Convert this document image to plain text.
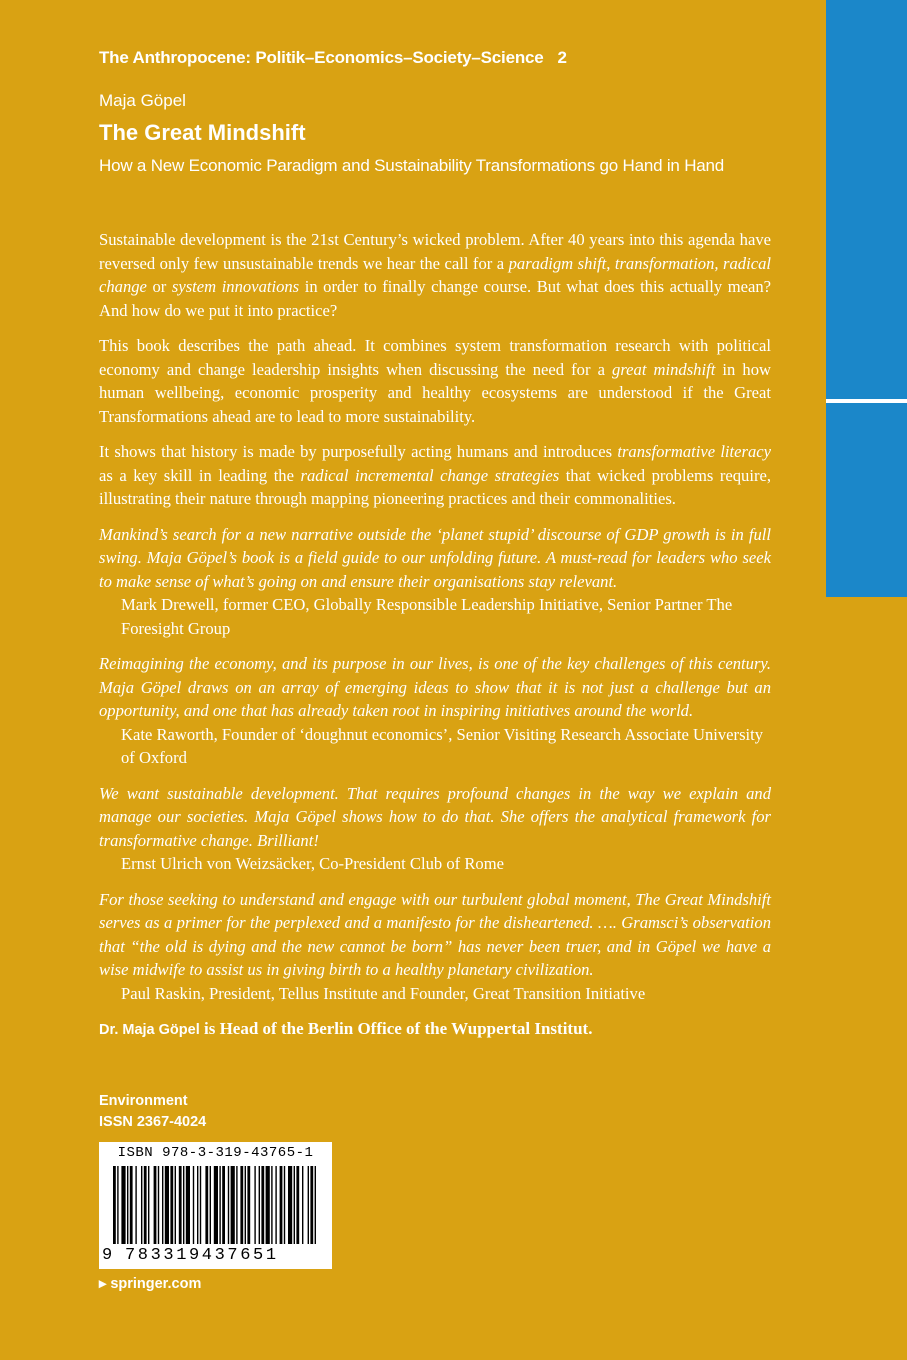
The Anthropocene: Politik–Economics–Society–Science 2
Maja Göpel
The Great Mindshift
How a New Economic Paradigm and Sustainability Transformations go Hand in Hand

Sustainable development is the 21st Century’s wicked problem. After 40 years into this agenda have reversed only few unsustainable trends we hear the call for a paradigm shift, transformation, radical change or system innovations in order to finally change course. But what does this actually mean? And how do we put it into practice?

This book describes the path ahead. It combines system transformation research with political economy and change leadership insights when discussing the need for a great mindshift in how human wellbeing, economic prosperity and healthy ecosystems are understood if the Great Transformations ahead are to lead to more sustainability.

It shows that history is made by purposefully acting humans and introduces transformative literacy as a key skill in leading the radical incremental change strategies that wicked problems require, illustrating their nature through mapping pioneering practices and their commonalities.

Mankind’s search for a new narrative outside the ‘planet stupid’ discourse of GDP growth is in full swing. Maja Göpel’s book is a field guide to our unfolding future. A must-read for leaders who seek to make sense of what’s going on and ensure their organisations stay relevant.

Mark Drewell, former CEO, Globally Responsible Leadership Initiative, Senior Partner The Foresight Group

Reimagining the economy, and its purpose in our lives, is one of the key challenges of this century. Maja Göpel draws on an array of emerging ideas to show that it is not just a challenge but an opportunity, and one that has already taken root in inspiring initiatives around the world.

Kate Raworth, Founder of ‘doughnut economics’, Senior Visiting Research Associate University of Oxford

We want sustainable development. That requires profound changes in the way we explain and manage our societies. Maja Göpel shows how to do that. She offers the analytical framework for transformative change. Brilliant!

Ernst Ulrich von Weizsäcker, Co-President Club of Rome

For those seeking to understand and engage with our turbulent global moment, The Great Mindshift serves as a primer for the perplexed and a manifesto for the disheartened. …. Gramsci’s observation that “the old is dying and the new cannot be born” has never been truer, and in Göpel we have a wise midwife to assist us in giving birth to a healthy planetary civilization.

Paul Raskin, President, Tellus Institute and Founder, Great Transition Initiative
Dr. Maja Göpel is Head of the Berlin Office of the Wuppertal Institut.
Environment
ISSN 2367-4024
ISBN 978-3-319-43765-1
9 783319437651
▸ springer.com
